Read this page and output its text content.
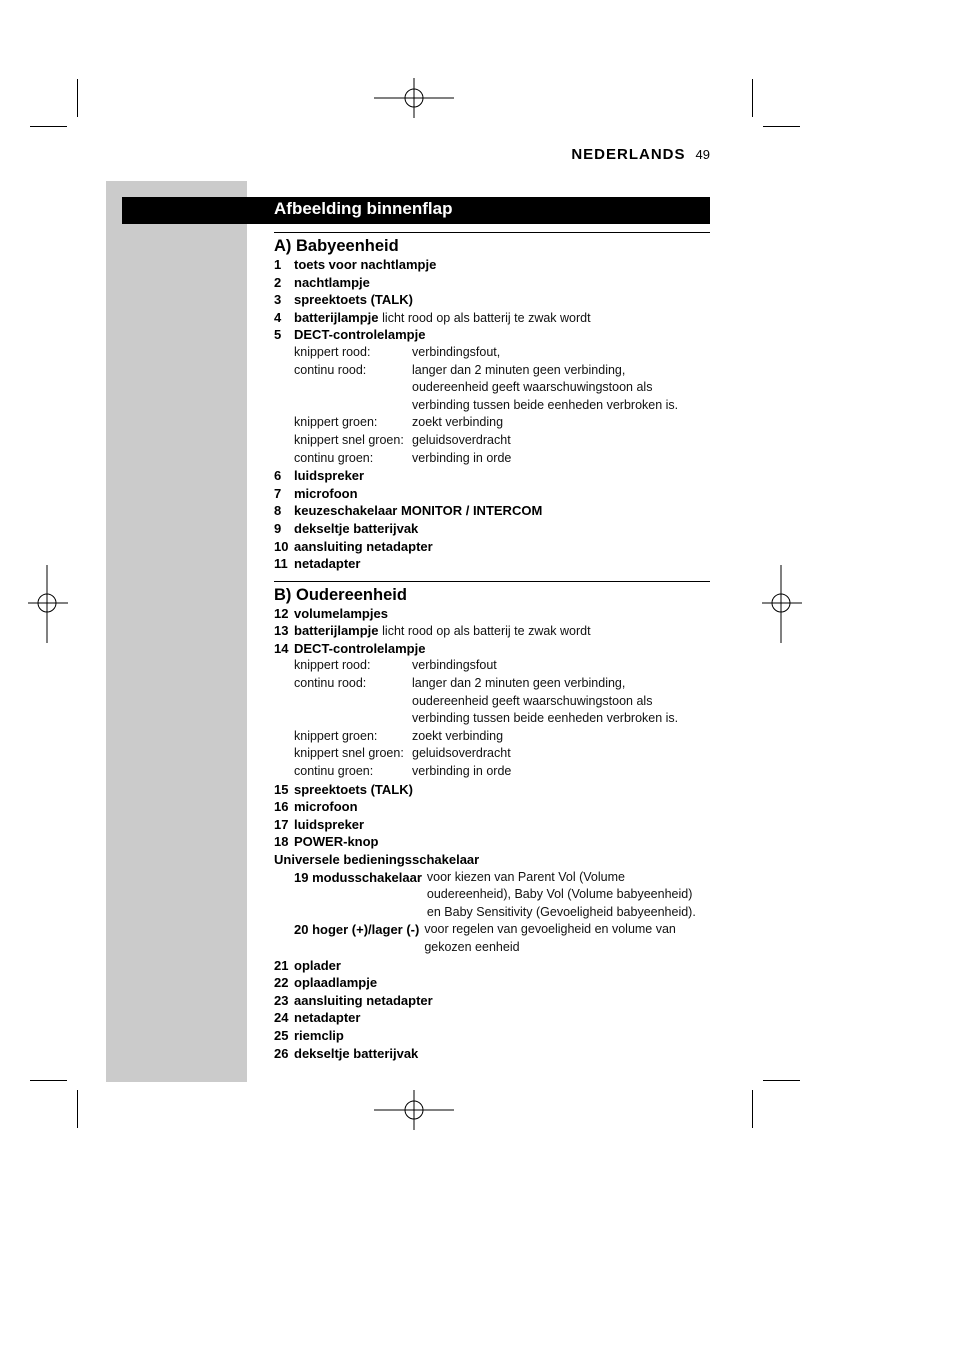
NEDERLANDS 49
Afbeelding binnenflap
A) Babyeenheid
1 toets voor nachtlampje
2 nachtlampje
3 spreektoets (TALK)
4 batterijlampje licht rood op als batterij te zwak wordt
5 DECT-controlelampje
knippert rood:	verbindingsfout,
continu rood:	langer dan 2 minuten geen verbinding,
oudereenheid geeft waarschuwingstoon als
verbinding tussen beide eenheden verbroken is.
knippert groen:	zoekt verbinding
knippert snel groen: geluidsoverdracht
continu groen:	verbinding in orde
6 luidspreker
7 microfoon
8 keuzeschakelaar MONITOR / INTERCOM
9 dekseltje batterijvak
10 aansluiting netadapter
11 netadapter
B) Oudereenheid
12 volumelampjes
13 batterijlampje licht rood op als batterij te zwak wordt
14 DECT-controlelampje
knippert rood:	verbindingsfout
continu rood:	langer dan 2 minuten geen verbinding,
oudereenheid geeft waarschuwingstoon als
verbinding tussen beide eenheden verbroken is.
knippert groen:	zoekt verbinding
knippert snel groen: geluidsoverdracht
continu groen:	verbinding in orde
15 spreektoets (TALK)
16 microfoon
17 luidspreker
18 POWER-knop
Universele bedieningsschakelaar
19 modusschakelaar voor kiezen van Parent Vol (Volume
oudereenheid), Baby Vol (Volume babyeenheid)
en Baby Sensitivity (Gevoeligheid babyeenheid).
20 hoger (+)/lager (-) voor regelen van gevoeligheid en volume van
gekozen eenheid
21 oplader
22 oplaadlampje
23 aansluiting netadapter
24 netadapter
25 riemclip
26 dekseltje batterijvak
